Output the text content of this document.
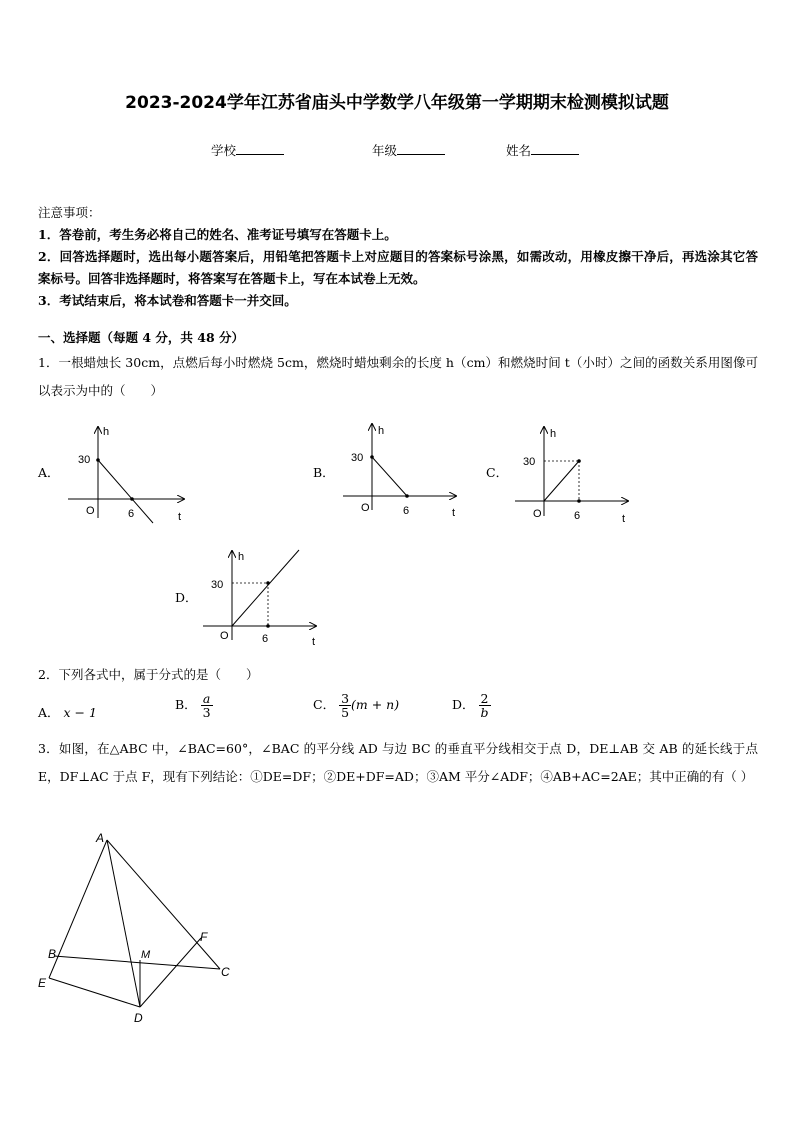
2023-2024学年江苏省庙头中学数学八年级第一学期期末检测模拟试题
学校	年级	姓名
注意事项：
1．答卷前，考生务必将自己的姓名、准考证号填写在答题卡上。
2．回答选择题时，选出每小题答案后，用铅笔把答题卡上对应题目的答案标号涂黑，如需改动，用橡皮擦干净后，再选涂其它答案标号。回答非选择题时，将答案写在答题卡上，写在本试卷上无效。
3．考试结束后，将本试卷和答题卡一并交回。
一、选择题（每题 4 分，共 48 分）
1．一根蜡烛长 30cm，点燃后每小时燃烧 5cm，燃烧时蜡烛剩余的长度 h（cm）和燃烧时间 t（小时）之间的函数关系用图像可以表示为中的（　　）
A．
h
30
O	6	t
B．
h
30
O	6	t
C．
h
30
O	6	t
D．
h
30
O	6	t
2．下列各式中，属于分式的是（　　）
A． x − 1
B． $\frac{a}{3}$	C． $\frac{3}{5} (m + n)$	D． $\frac{2}{b}$
3．如图，在△ABC 中，∠BAC=60°，∠BAC 的平分线 AD 与边 BC 的垂直平分线相交于点 D，DE⊥AB 交 AB 的延长线于点 E，DF⊥AC 于点 F，现有下列结论：①DE=DF；②DE+DF=AD；③AM 平分∠ADF；④AB+AC=2AE；其中正确的有（ ）
A
B
E
M
D
F
C
